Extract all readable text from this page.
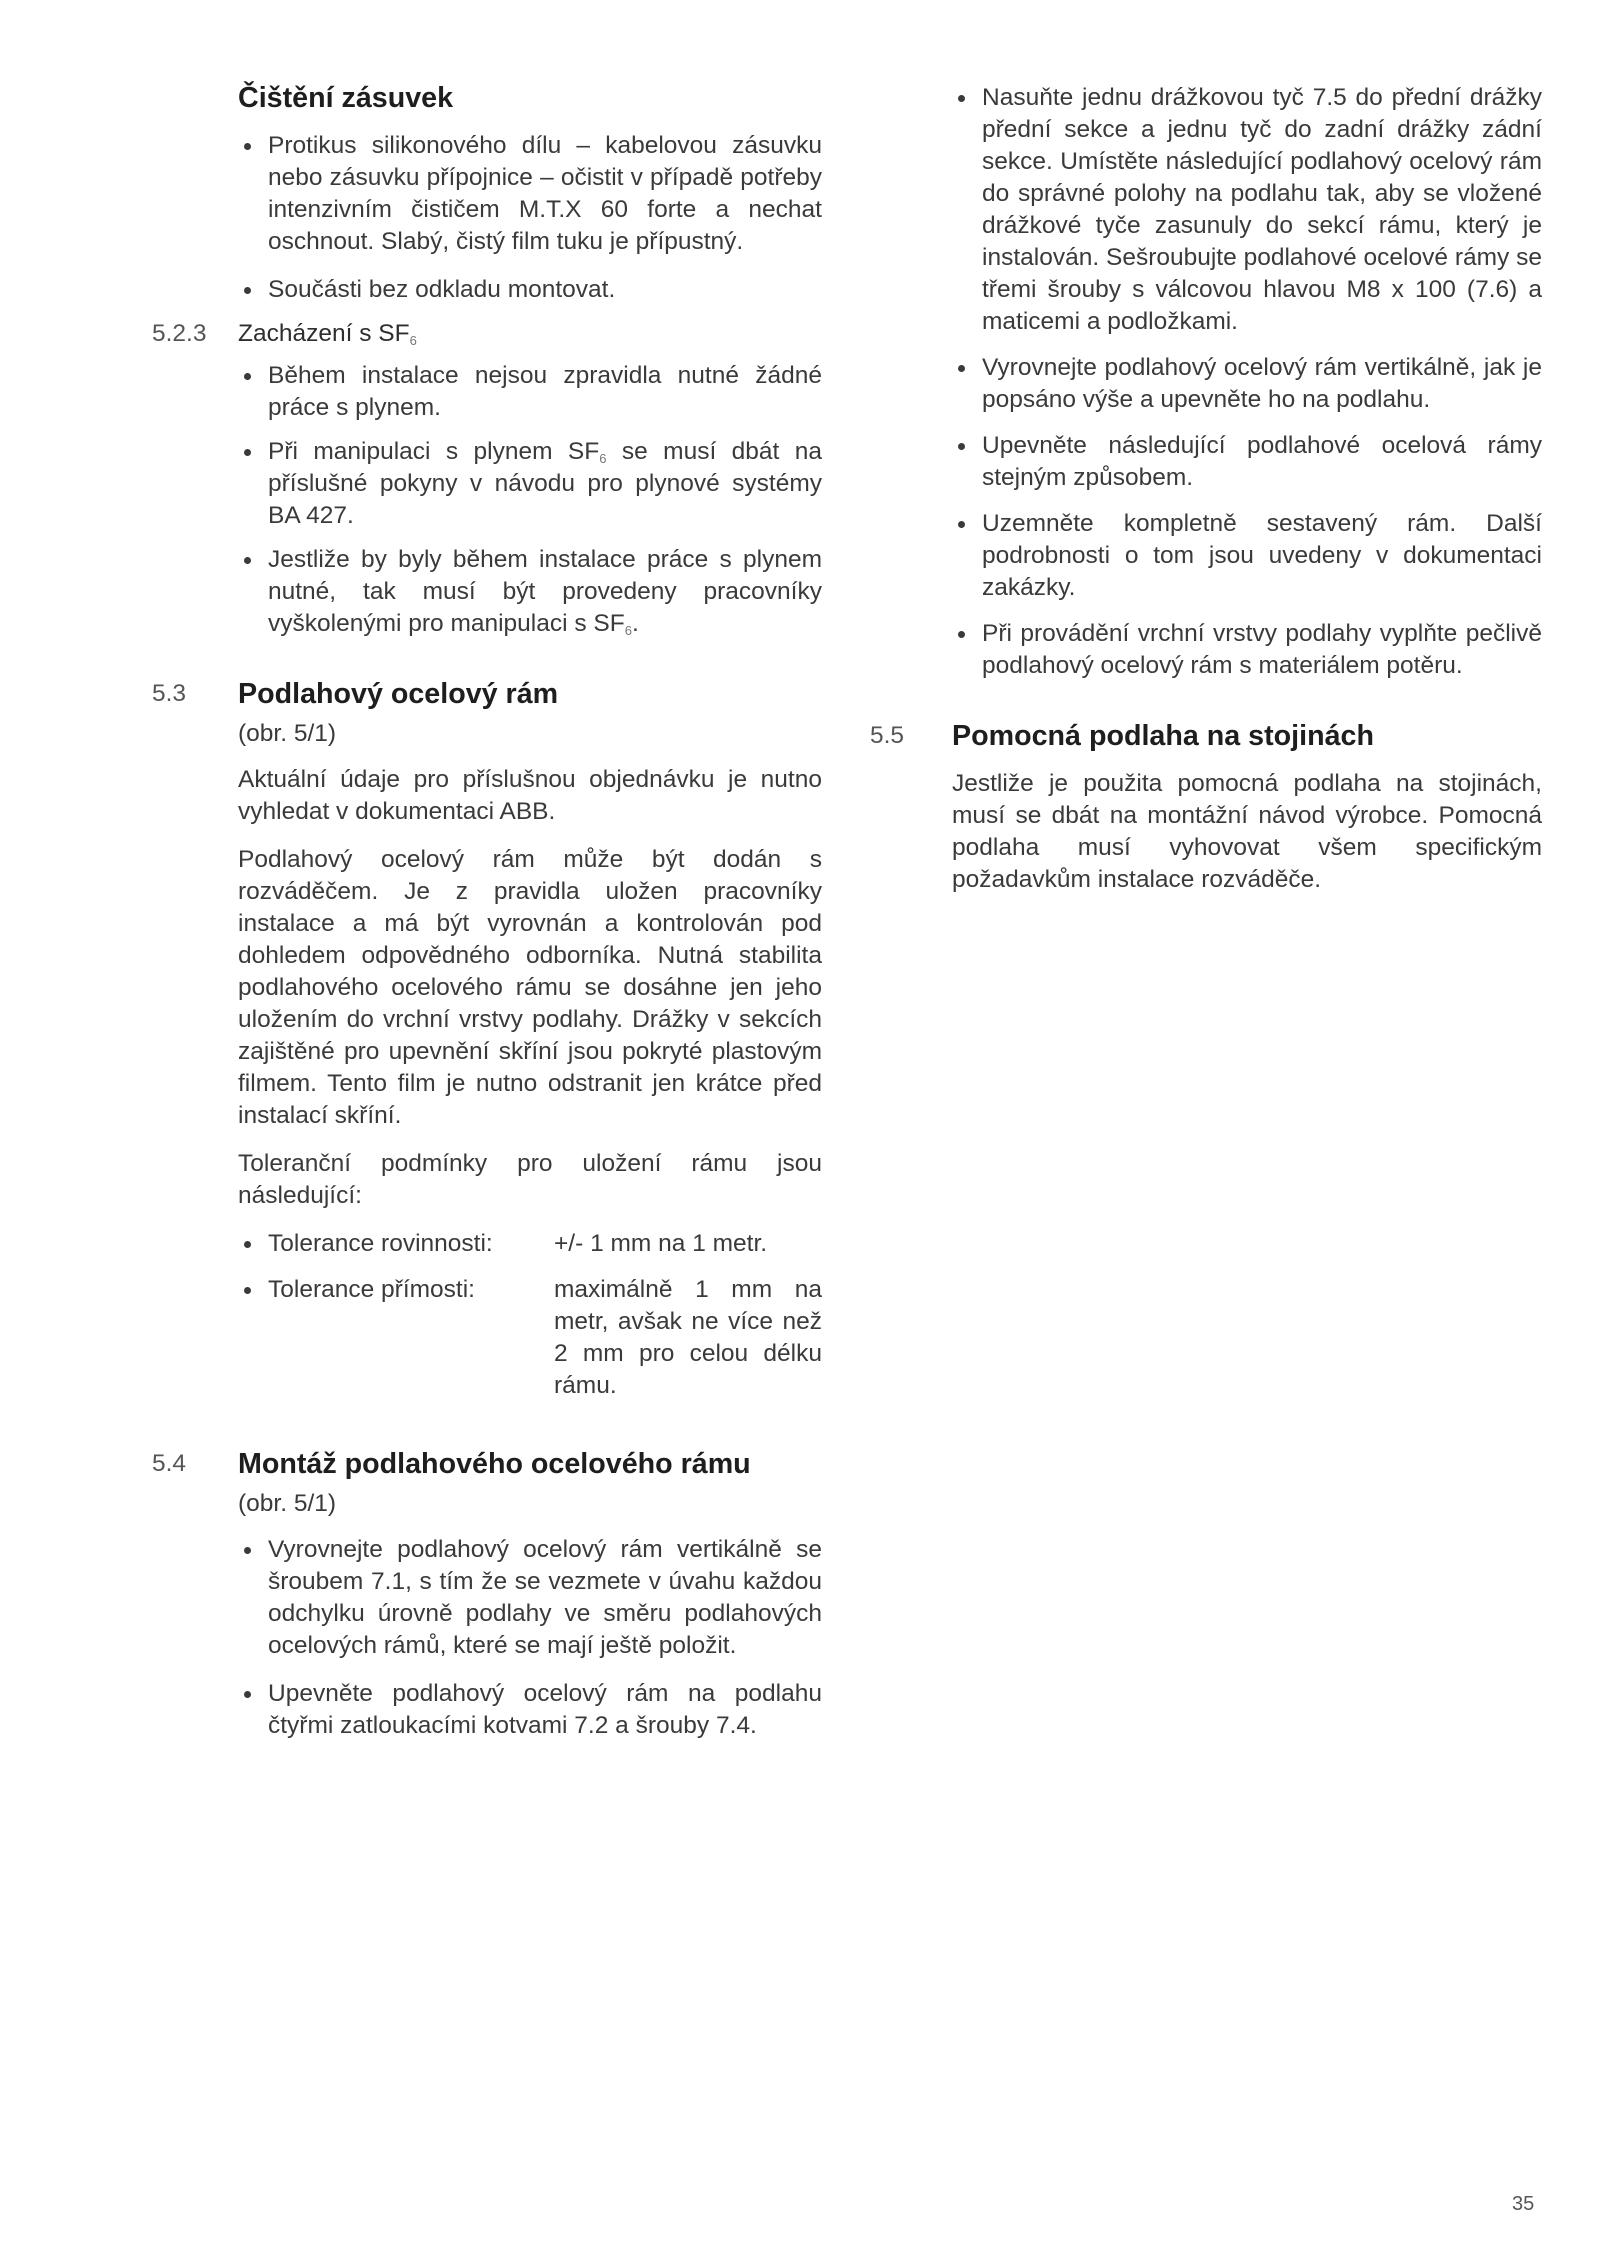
Čištění zásuvek
Protikus silikonového dílu – kabelovou zásuvku nebo zásuvku přípojnice – očistit v případě potřeby intenzivním čističem M.T.X 60 forte a nechat oschnout. Slabý, čistý film tuku je přípustný.
Součásti bez odkladu montovat.
5.2.3	Zacházení s $SF_6$
Během instalace nejsou zpravidla nutné žádné práce s plynem.
Při manipulaci s plynem $SF_6$ se musí dbát na příslušné pokyny v návodu pro plynové systémy BA 427.
Jestliže by byly během instalace práce s plynem nutné, tak musí být provedeny pracovníky vyškolenými pro manipulaci s $SF_6$.
5.3	Podlahový ocelový rám

(obr. 5/1)

Aktuální údaje pro příslušnou objednávku je nutno vyhledat v dokumentaci ABB.

Podlahový ocelový rám může být dodán s rozváděčem. Je z pravidla uložen pracovníky instalace a má být vyrovnán a kontrolován pod dohledem odpovědného odborníka. Nutná stabilita podlahového ocelového rámu se dosáhne jen jeho uložením do vrchní vrstvy podlahy. Drážky v sekcích zajištěné pro upevnění skříní jsou pokryté plastovým filmem. Tento film je nutno odstranit jen krátce před instalací skříní.

Toleranční podmínky pro uložení rámu jsou následující:

Tolerance rovinnosti:	+/- 1 mm na 1 metr.
Tolerance přímosti:	maximálně 1 mm na metr, avšak ne více než 2 mm pro celou délku rámu.
5.4	Montáž podlahového ocelového rámu

(obr. 5/1)

Vyrovnejte podlahový ocelový rám vertikálně se šroubem 7.1, s tím že se vezmete v úvahu každou odchylku úrovně podlahy ve směru podlahových ocelových rámů, které se mají ještě položit.
Upevněte podlahový ocelový rám na podlahu čtyřmi zatloukacími kotvami 7.2 a šrouby 7.4.
Nasuňte jednu drážkovou tyč 7.5 do přední drážky přední sekce a jednu tyč do zadní drážky zádní sekce. Umístěte následující podlahový ocelový rám do správné polohy na podlahu tak, aby se vložené drážkové tyče zasunuly do sekcí rámu, který je instalován. Sešroubujte podlahové ocelové rámy se třemi šrouby s válcovou hlavou M8 x 100 (7.6) a maticemi a podložkami.
Vyrovnejte podlahový ocelový rám vertikálně, jak je popsáno výše a upevněte ho na podlahu.
Upevněte následující podlahové ocelová rámy stejným způsobem.
Uzemněte kompletně sestavený rám. Další podrobnosti o tom jsou uvedeny v dokumentaci zakázky.
Při provádění vrchní vrstvy podlahy vyplňte pečlivě podlahový ocelový rám s materiálem potěru.
5.5	Pomocná podlaha na stojinách

Jestliže je použita pomocná podlaha na stojinách, musí se dbát na montážní návod výrobce. Pomocná podlaha musí vyhovovat všem specifickým požadavkům instalace rozváděče.

35
